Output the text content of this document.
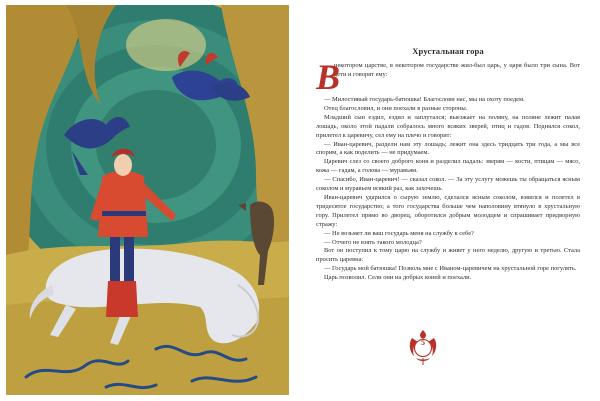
Хрустальная гора
В

некотором царстве, в некотором государстве жил-был царь, у царя было три сына. Вот дети и говорят ему:

— Милостивый государь-батюшка! Благослови нас, мы на охоту поедем.

Отец благословил, и они поехали в разные стороны.

Младший сын ездил, ездил и заплутался; выезжает на поляну, на поляне лежит палая лошадь, около этой падали собралось много всяких зверей, птиц и гадов. Поднялся сокол, прилетел к царевичу, сел ему на плечо и говорит:

— Иван-царевич, раздели нам эту лошадь; лежит она здесь тридцать три года, а мы все спорим, а как поделить — не придумаем.

Царевич слез со своего доброго коня и разделил падаль: зверям — кости, птицам — мясо, кожа — гадам, а голова — муравьям.

— Спасибо, Иван-царевич! — сказал сокол. — За эту услугу можешь ты обращаться ясным соколом и муравьем всякий раз, как захочешь.

Иван-царевич ударился о сырую землю, сделался ясным соколом, взвился и полетел в тридесятое государство; а того государства больше чем наполовину втянуло в хрустальную гору. Прилетел прямо во дворец, оборотился добрым молодцем и спрашивает придворную стражу:

— Не возьмет ли ваш государь меня на службу к себе?

— Отчего не взять такого молодца?

Вот он поступил к тому царю на службу и живет у него неделю, другую и третью. Стала просить царевна:

— Государь мой батюшка! Позволь мне с Иваном-царевичем на хрустальной горе погулять.

Царь позволил. Сели они на добрых коней и поехали.

5
